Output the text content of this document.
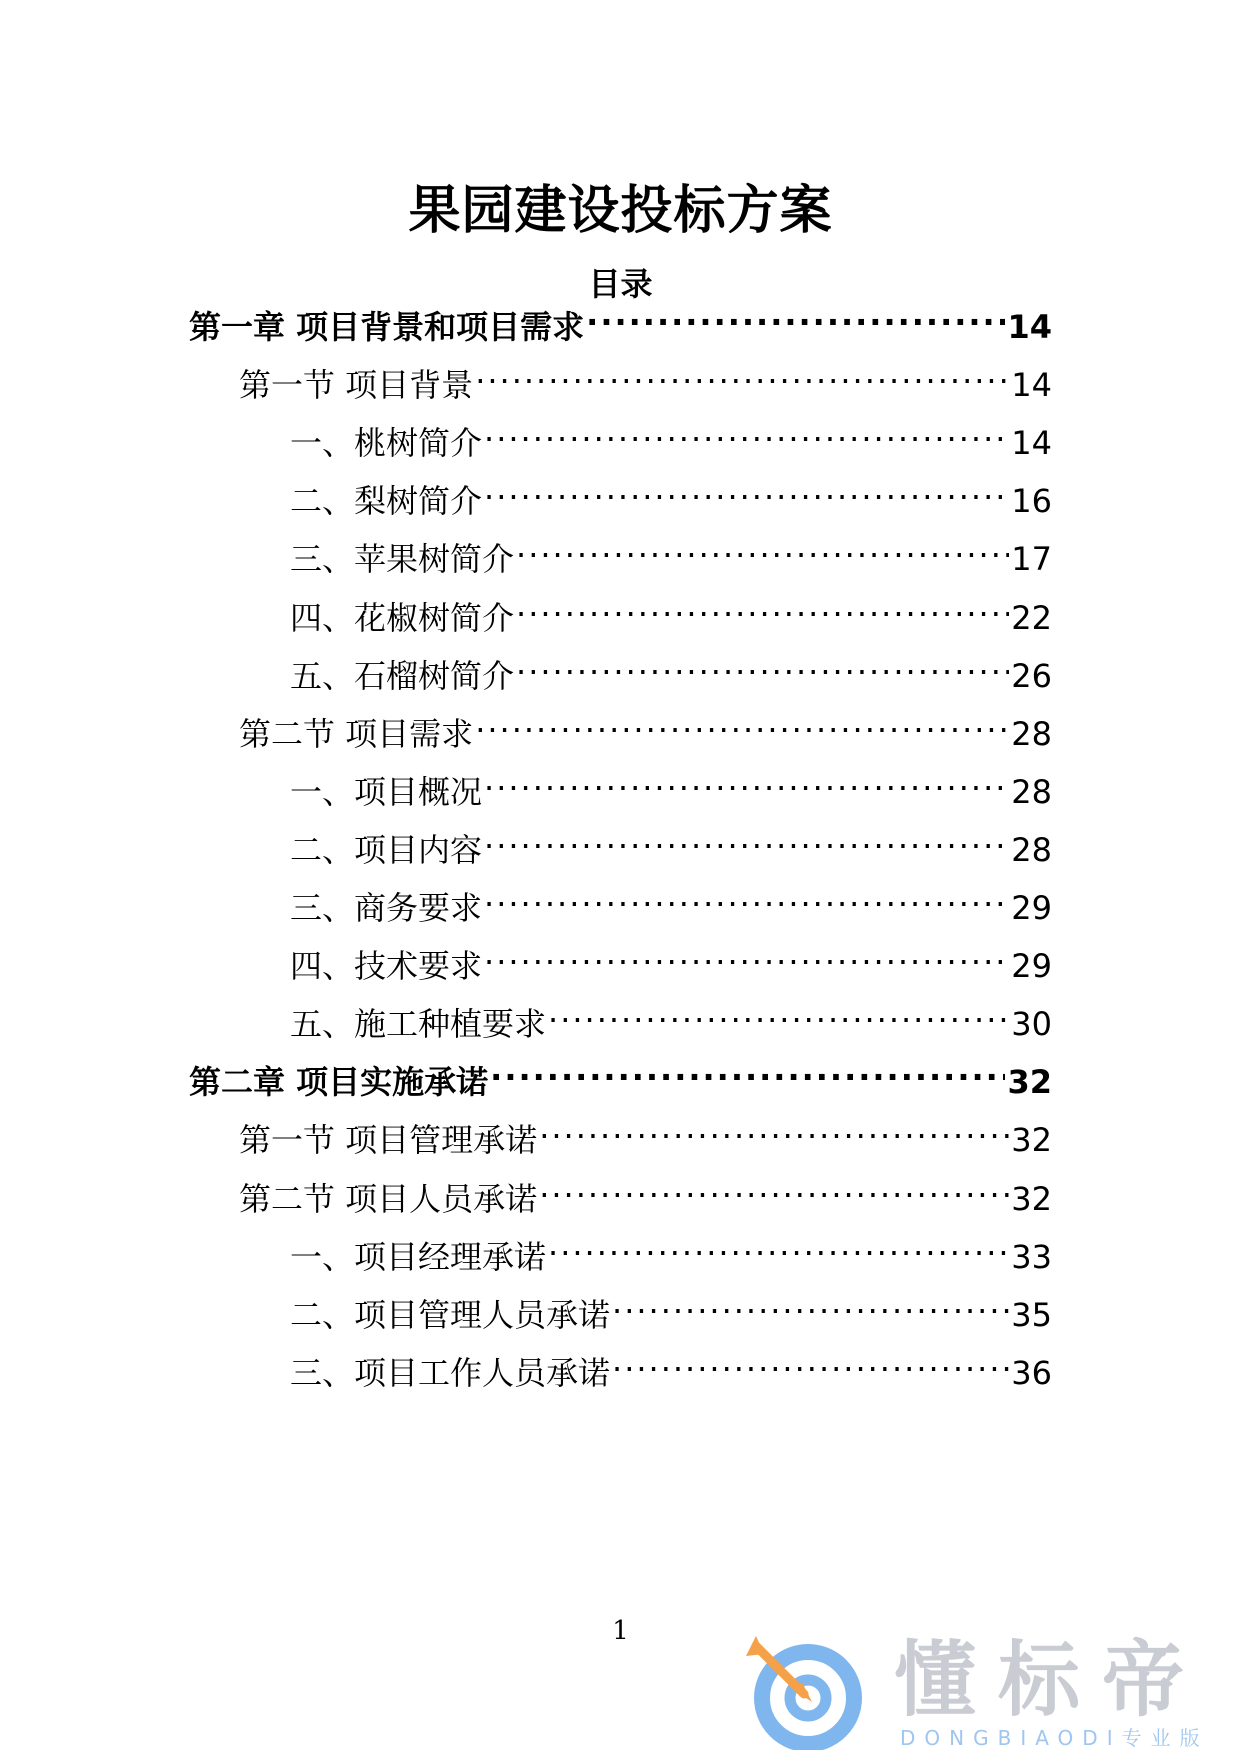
果园建设投标方案
目录
第一章 项目背景和项目需求 .....	14
第一节 项目背景 .....	14
一、桃树简介 .....	14
二、梨树简介 .....	16
三、苹果树简介 .....	17
四、花椒树简介 .....	22
五、石榴树简介 .....	26
第二节 项目需求 .....	28
一、项目概况 .....	28
二、项目内容 .....	28
三、商务要求 .....	29
四、技术要求 .....	29
五、施工种植要求 .....	30
第二章 项目实施承诺 .....	32
第一节 项目管理承诺 .....	32
第二节 项目人员承诺 .....	32
一、项目经理承诺 .....	33
二、项目管理人员承诺 .....	35
三、项目工作人员承诺 .....	36
1
懂标帝
DONGBIAODI专业版
